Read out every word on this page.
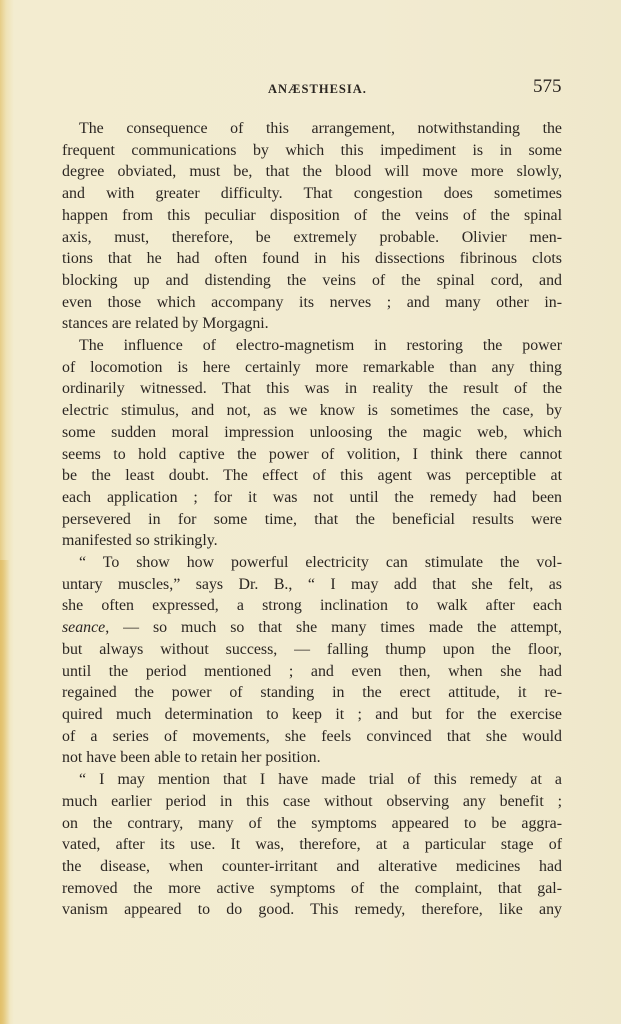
ANÆSTHESIA.	575
The consequence of this arrangement, notwithstanding the
frequent communications by which this impediment is in some
degree obviated, must be, that the blood will move more slowly,
and with greater difficulty. That congestion does sometimes
happen from this peculiar disposition of the veins of the spinal
axis, must, therefore, be extremely probable. Olivier men-
tions that he had often found in his dissections fibrinous clots
blocking up and distending the veins of the spinal cord, and
even those which accompany its nerves ; and many other in-
stances are related by Morgagni.
The influence of electro-magnetism in restoring the power
of locomotion is here certainly more remarkable than any thing
ordinarily witnessed. That this was in reality the result of the
electric stimulus, and not, as we know is sometimes the case, by
some sudden moral impression unloosing the magic web, which
seems to hold captive the power of volition, I think there cannot
be the least doubt. The effect of this agent was perceptible at
each application ; for it was not until the remedy had been
persevered in for some time, that the beneficial results were
manifested so strikingly.
“ To show how powerful electricity can stimulate the vol-
untary muscles,” says Dr. B., “ I may add that she felt, as
she often expressed, a strong inclination to walk after each
seance, — so much so that she many times made the attempt,
but always without success, — falling thump upon the floor,
until the period mentioned ; and even then, when she had
regained the power of standing in the erect attitude, it re-
quired much determination to keep it ; and but for the exercise
of a series of movements, she feels convinced that she would
not have been able to retain her position.
“ I may mention that I have made trial of this remedy at a
much earlier period in this case without observing any benefit ;
on the contrary, many of the symptoms appeared to be aggra-
vated, after its use. It was, therefore, at a particular stage of
the disease, when counter-irritant and alterative medicines had
removed the more active symptoms of the complaint, that gal-
vanism appeared to do good. This remedy, therefore, like any
